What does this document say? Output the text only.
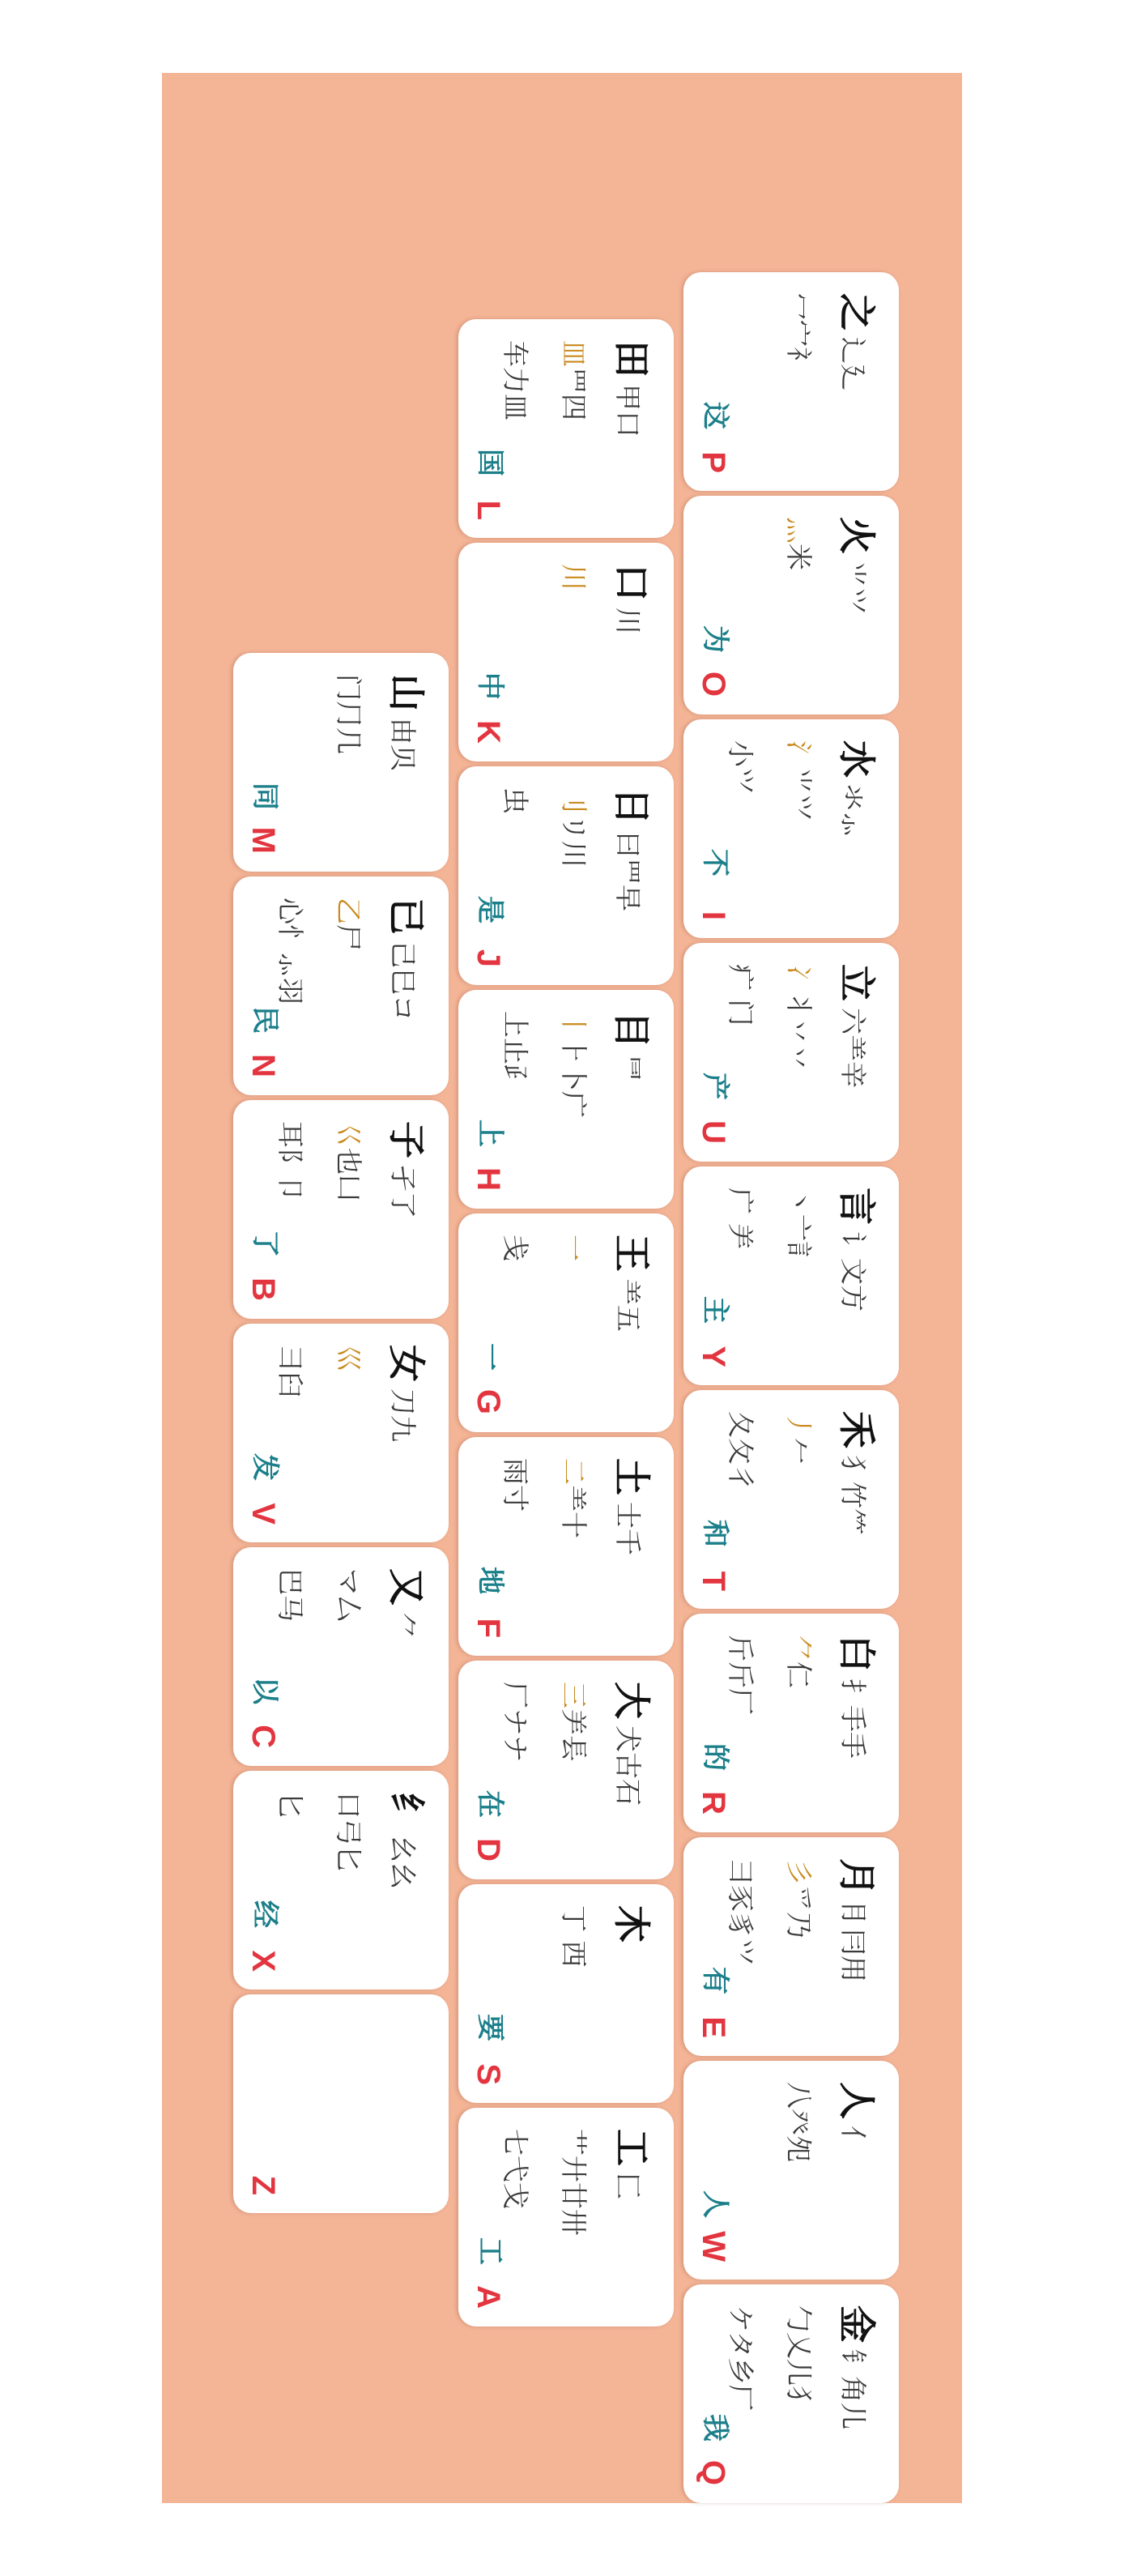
金钅角儿
勹乂儿犭
ケタ乡厂
我
Q
人亻
八癶夗
人
W
月⺝冃用
彡爫乃
⺕豕豸⺍
有
E
白扌手手
⺈仁
斤斤厂
的
R
禾⺨竹⺮
丿𠂉
夂攵彳
和
T
言讠文方
丶亠訁
广 ⺶
主
Y
立六⺷辛
冫丬丷丷
疒 门
产
U
水氺⺗
氵⺌⺍
小⺍
不
I
火⺌⺍
灬米
为
O
之辶廴
冖宀礻
这
P
工匚
⺾廾廿卅
七弋戈
工
A
木
丁 西
要
S
大犬古石
三⺶镸
厂ナナ
在
D
土士千
二⺷十
雨寸
地
F
王⺷五
一
戋
一
G
目⺜
丨⺊卜广
上止⺪
上
H
日曰⺫早
刂リ川
虫
是
J
口川
川
中
K
田甲口
皿⺫四
车力皿
国
L
Z
纟幺⺓
口弓匕
匕
经
X
又⺈
マ厶
巴马
以
C
女刀九
巛
彐臼
发
V
子孑了
巜也凵
耳阝卩
了
B
已己巳コ
乙尸
心忄⺗羽
民
N
山由贝
门⺆几
同
M
